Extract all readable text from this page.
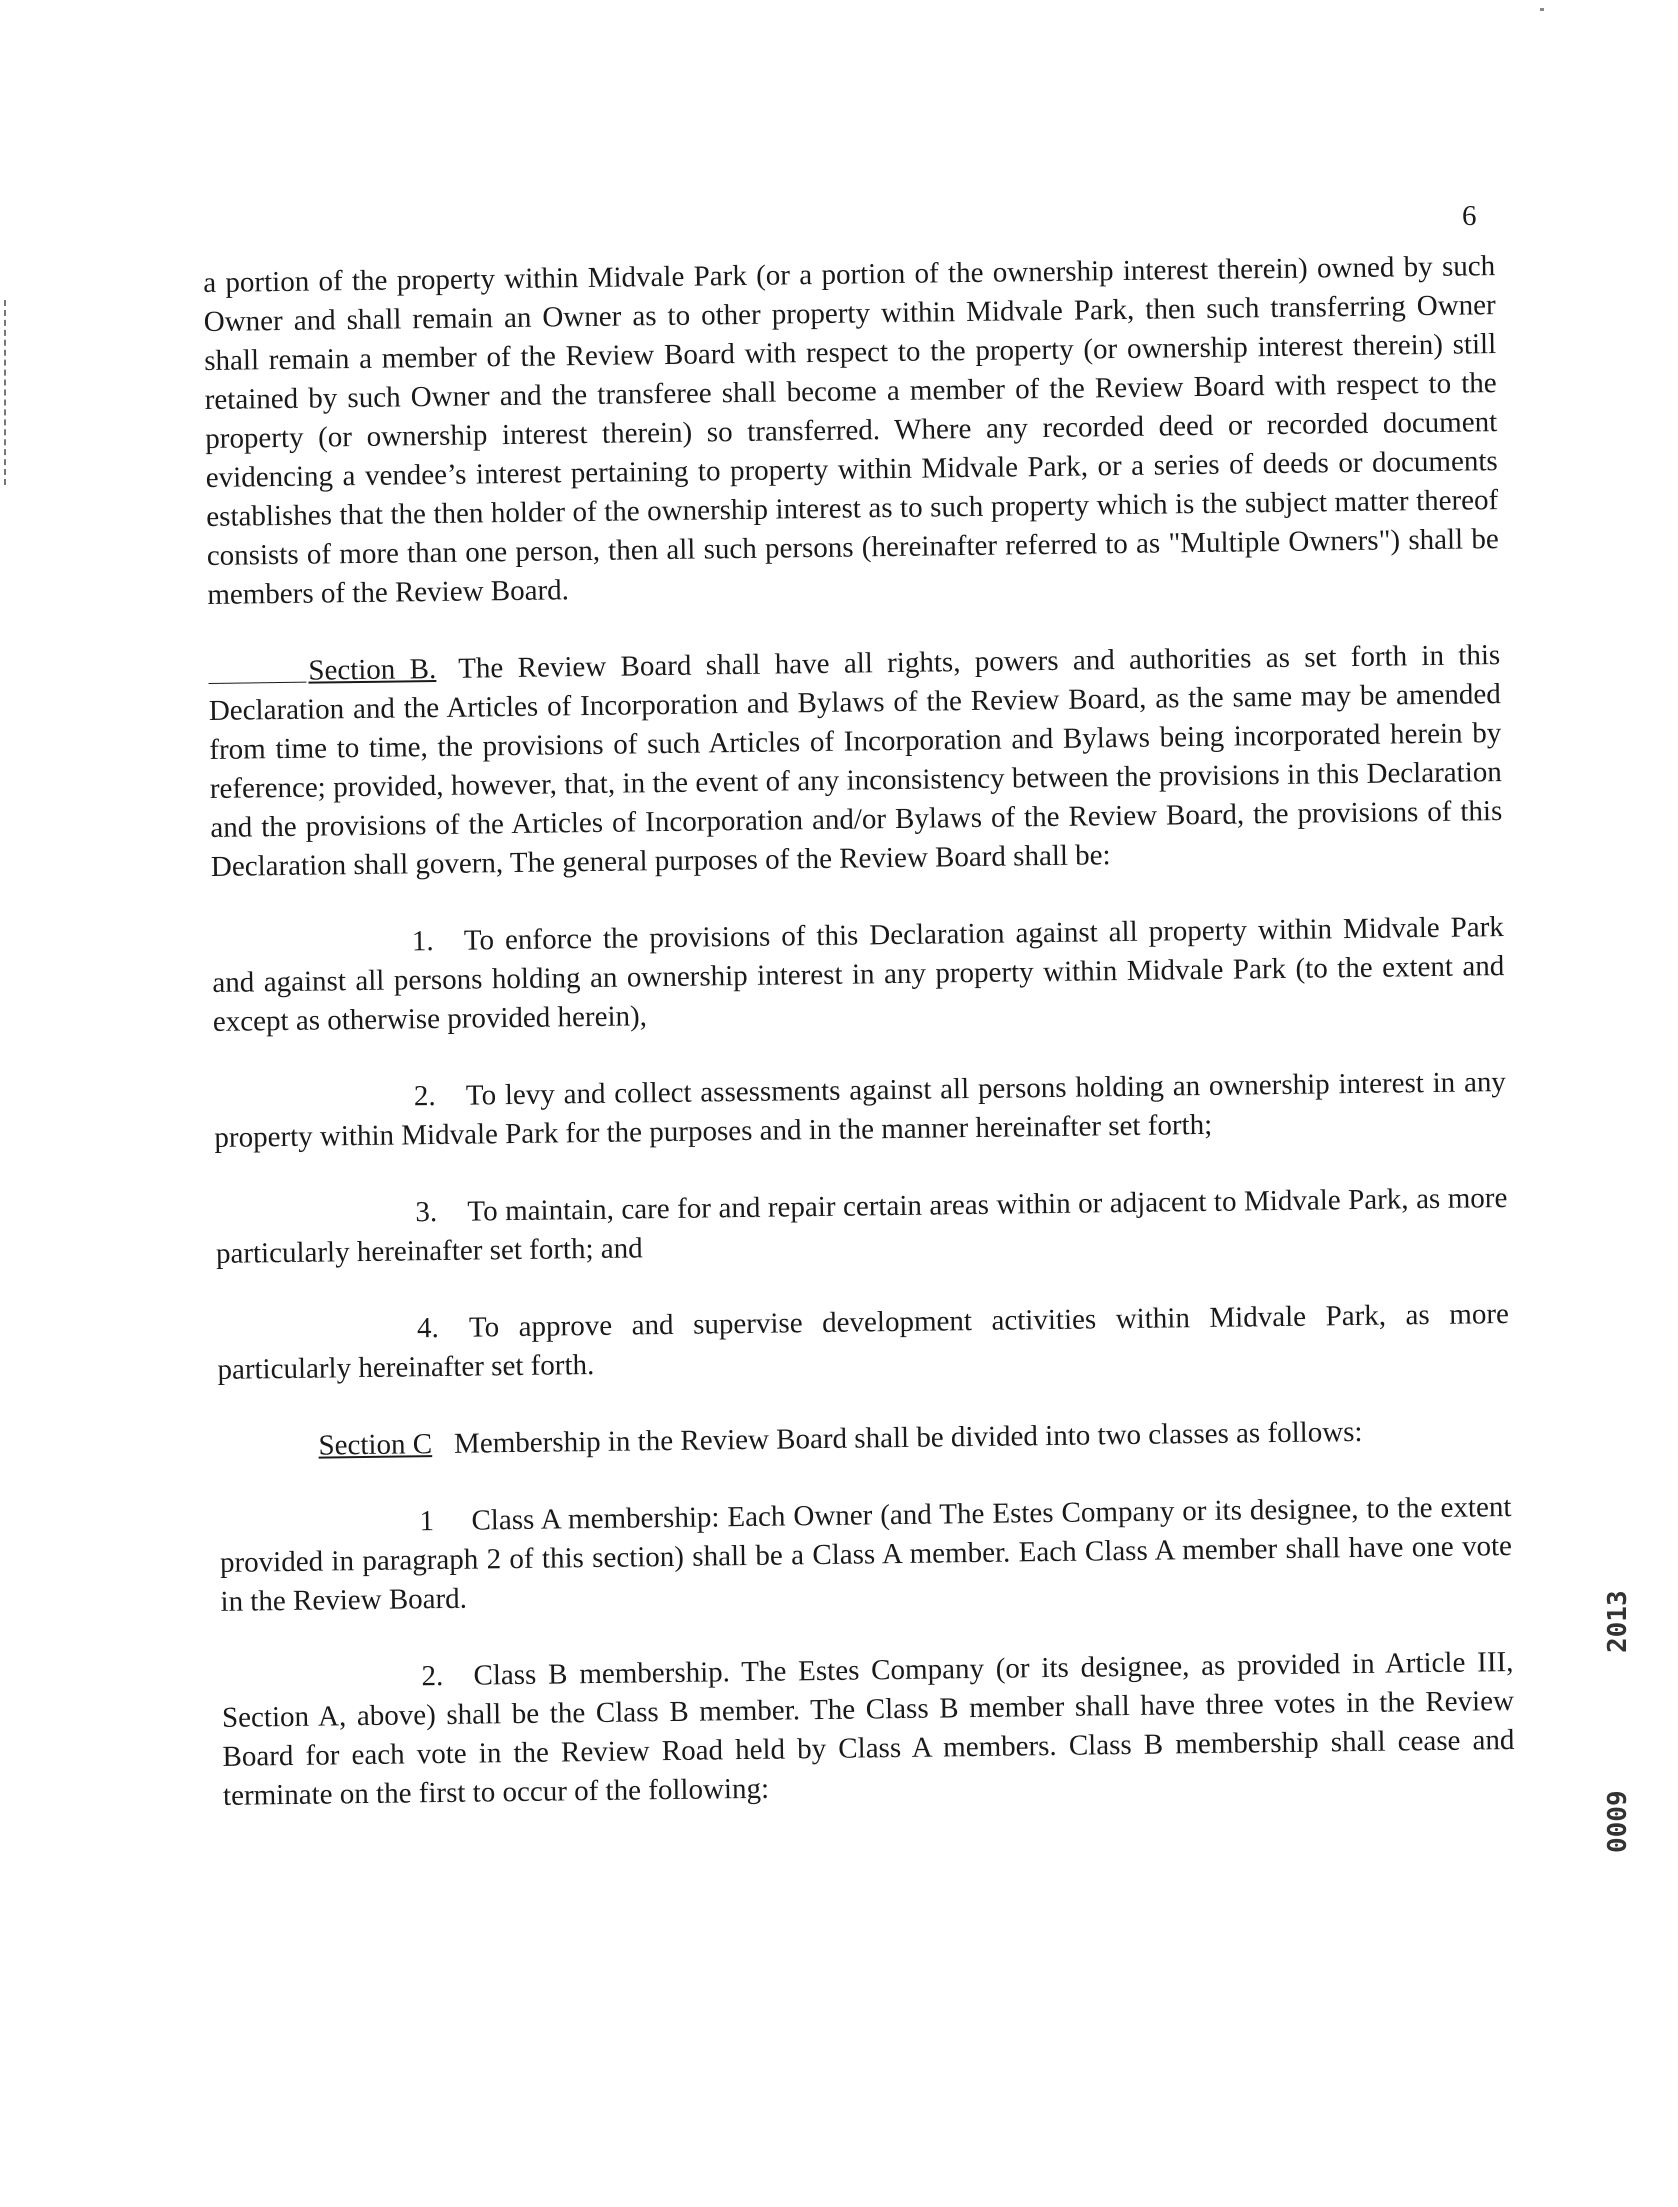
6

a portion of the property within Midvale Park (or a portion of the ownership interest therein) owned by such Owner and shall remain an Owner as to other property within Midvale Park, then such transferring Owner shall remain a member of the Review Board with respect to the property (or ownership interest therein) still retained by such Owner and the transferee shall become a member of the Review Board with respect to the property (or ownership interest therein) so transferred. Where any recorded deed or recorded document evidencing a vendee’s interest pertaining to property within Midvale Park, or a series of deeds or documents establishes that the then holder of the ownership interest as to such property which is the subject matter thereof consists of more than one person, then all such persons (hereinafter referred to as "Multiple Owners") shall be members of the Review Board.

Section B. The Review Board shall have all rights, powers and authorities as set forth in this Declaration and the Articles of Incorporation and Bylaws of the Review Board, as the same may be amended from time to time, the provisions of such Articles of Incorporation and Bylaws being incorporated herein by reference; provided, however, that, in the event of any inconsistency between the provisions in this Declaration and the provisions of the Articles of Incorporation and/or Bylaws of the Review Board, the provisions of this Declaration shall govern, The general purposes of the Review Board shall be:

1. To enforce the provisions of this Declaration against all property within Midvale Park and against all persons holding an ownership interest in any property within Midvale Park (to the extent and except as otherwise provided herein),

2. To levy and collect assessments against all persons holding an ownership interest in any property within Midvale Park for the purposes and in the manner hereinafter set forth;

3. To maintain, care for and repair certain areas within or adjacent to Midvale Park, as more particularly hereinafter set forth; and

4. To approve and supervise development activities within Midvale Park, as more particularly hereinafter set forth.

Section C Membership in the Review Board shall be divided into two classes as follows:

1 Class A membership: Each Owner (and The Estes Company or its designee, to the extent provided in paragraph 2 of this section) shall be a Class A member. Each Class A member shall have one vote in the Review Board.

2. Class B membership. The Estes Company (or its designee, as provided in Article III, Section A, above) shall be the Class B member. The Class B member shall have three votes in the Review Board for each vote in the Review Road held by Class A members. Class B membership shall cease and terminate on the first to occur of the following:

2013
0009
